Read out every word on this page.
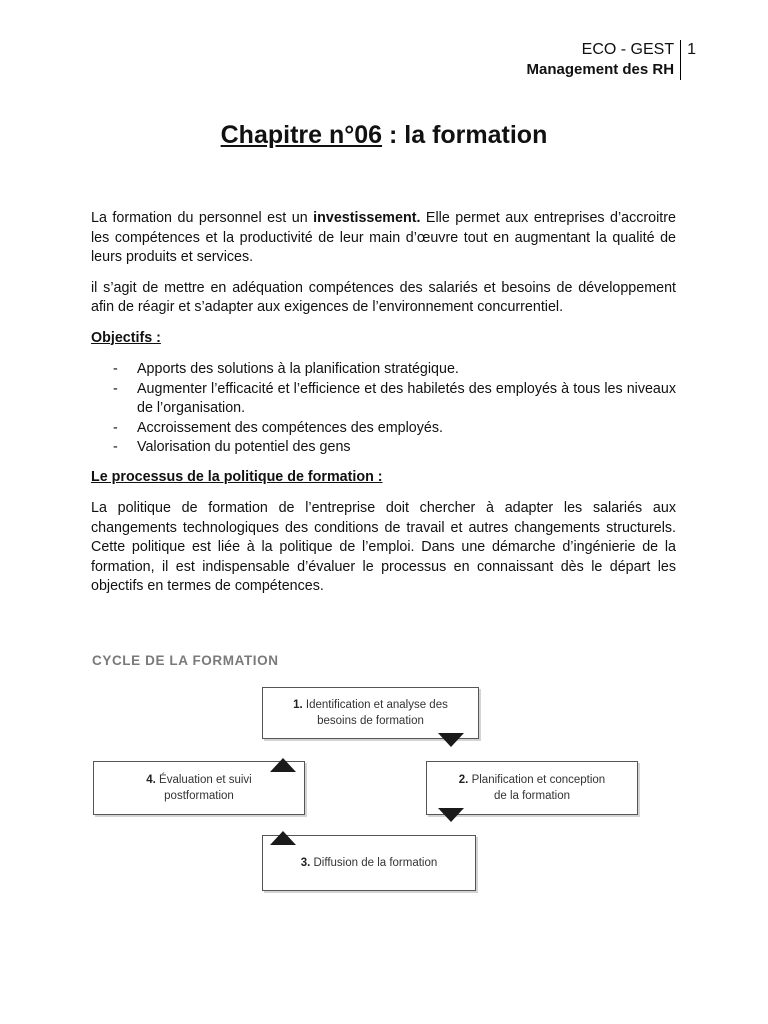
ECO - GEST
Management des RH
1
Chapitre n°06 : la formation

La formation du personnel est un investissement. Elle permet aux entreprises d’accroitre les compétences et la productivité de leur main d’œuvre tout en augmentant la qualité de leurs produits et services.

il s’agit de mettre en adéquation compétences des salariés et besoins de développement afin de réagir et s’adapter aux exigences de l’environnement concurrentiel.

Objectifs :

- Apports des solutions à la planification stratégique.
- Augmenter l’efficacité et l’efficience et des habiletés des employés à tous les niveaux de l’organisation.
- Accroissement des compétences des employés.
- Valorisation du potentiel des gens

Le processus de la politique de formation :

La politique de formation de l’entreprise doit chercher à adapter les salariés aux changements technologiques des conditions de travail et autres changements structurels. Cette politique est liée à la politique de l’emploi. Dans une démarche d’ingénierie de la formation, il est indispensable d’évaluer le processus en connaissant dès le départ les objectifs en termes de compétences.

CYCLE DE LA FORMATION
1. Identification et analyse des
besoins de formation
2. Planification et conception
de la formation
3. Diffusion de la formation
4. Évaluation et suivi
postformation
